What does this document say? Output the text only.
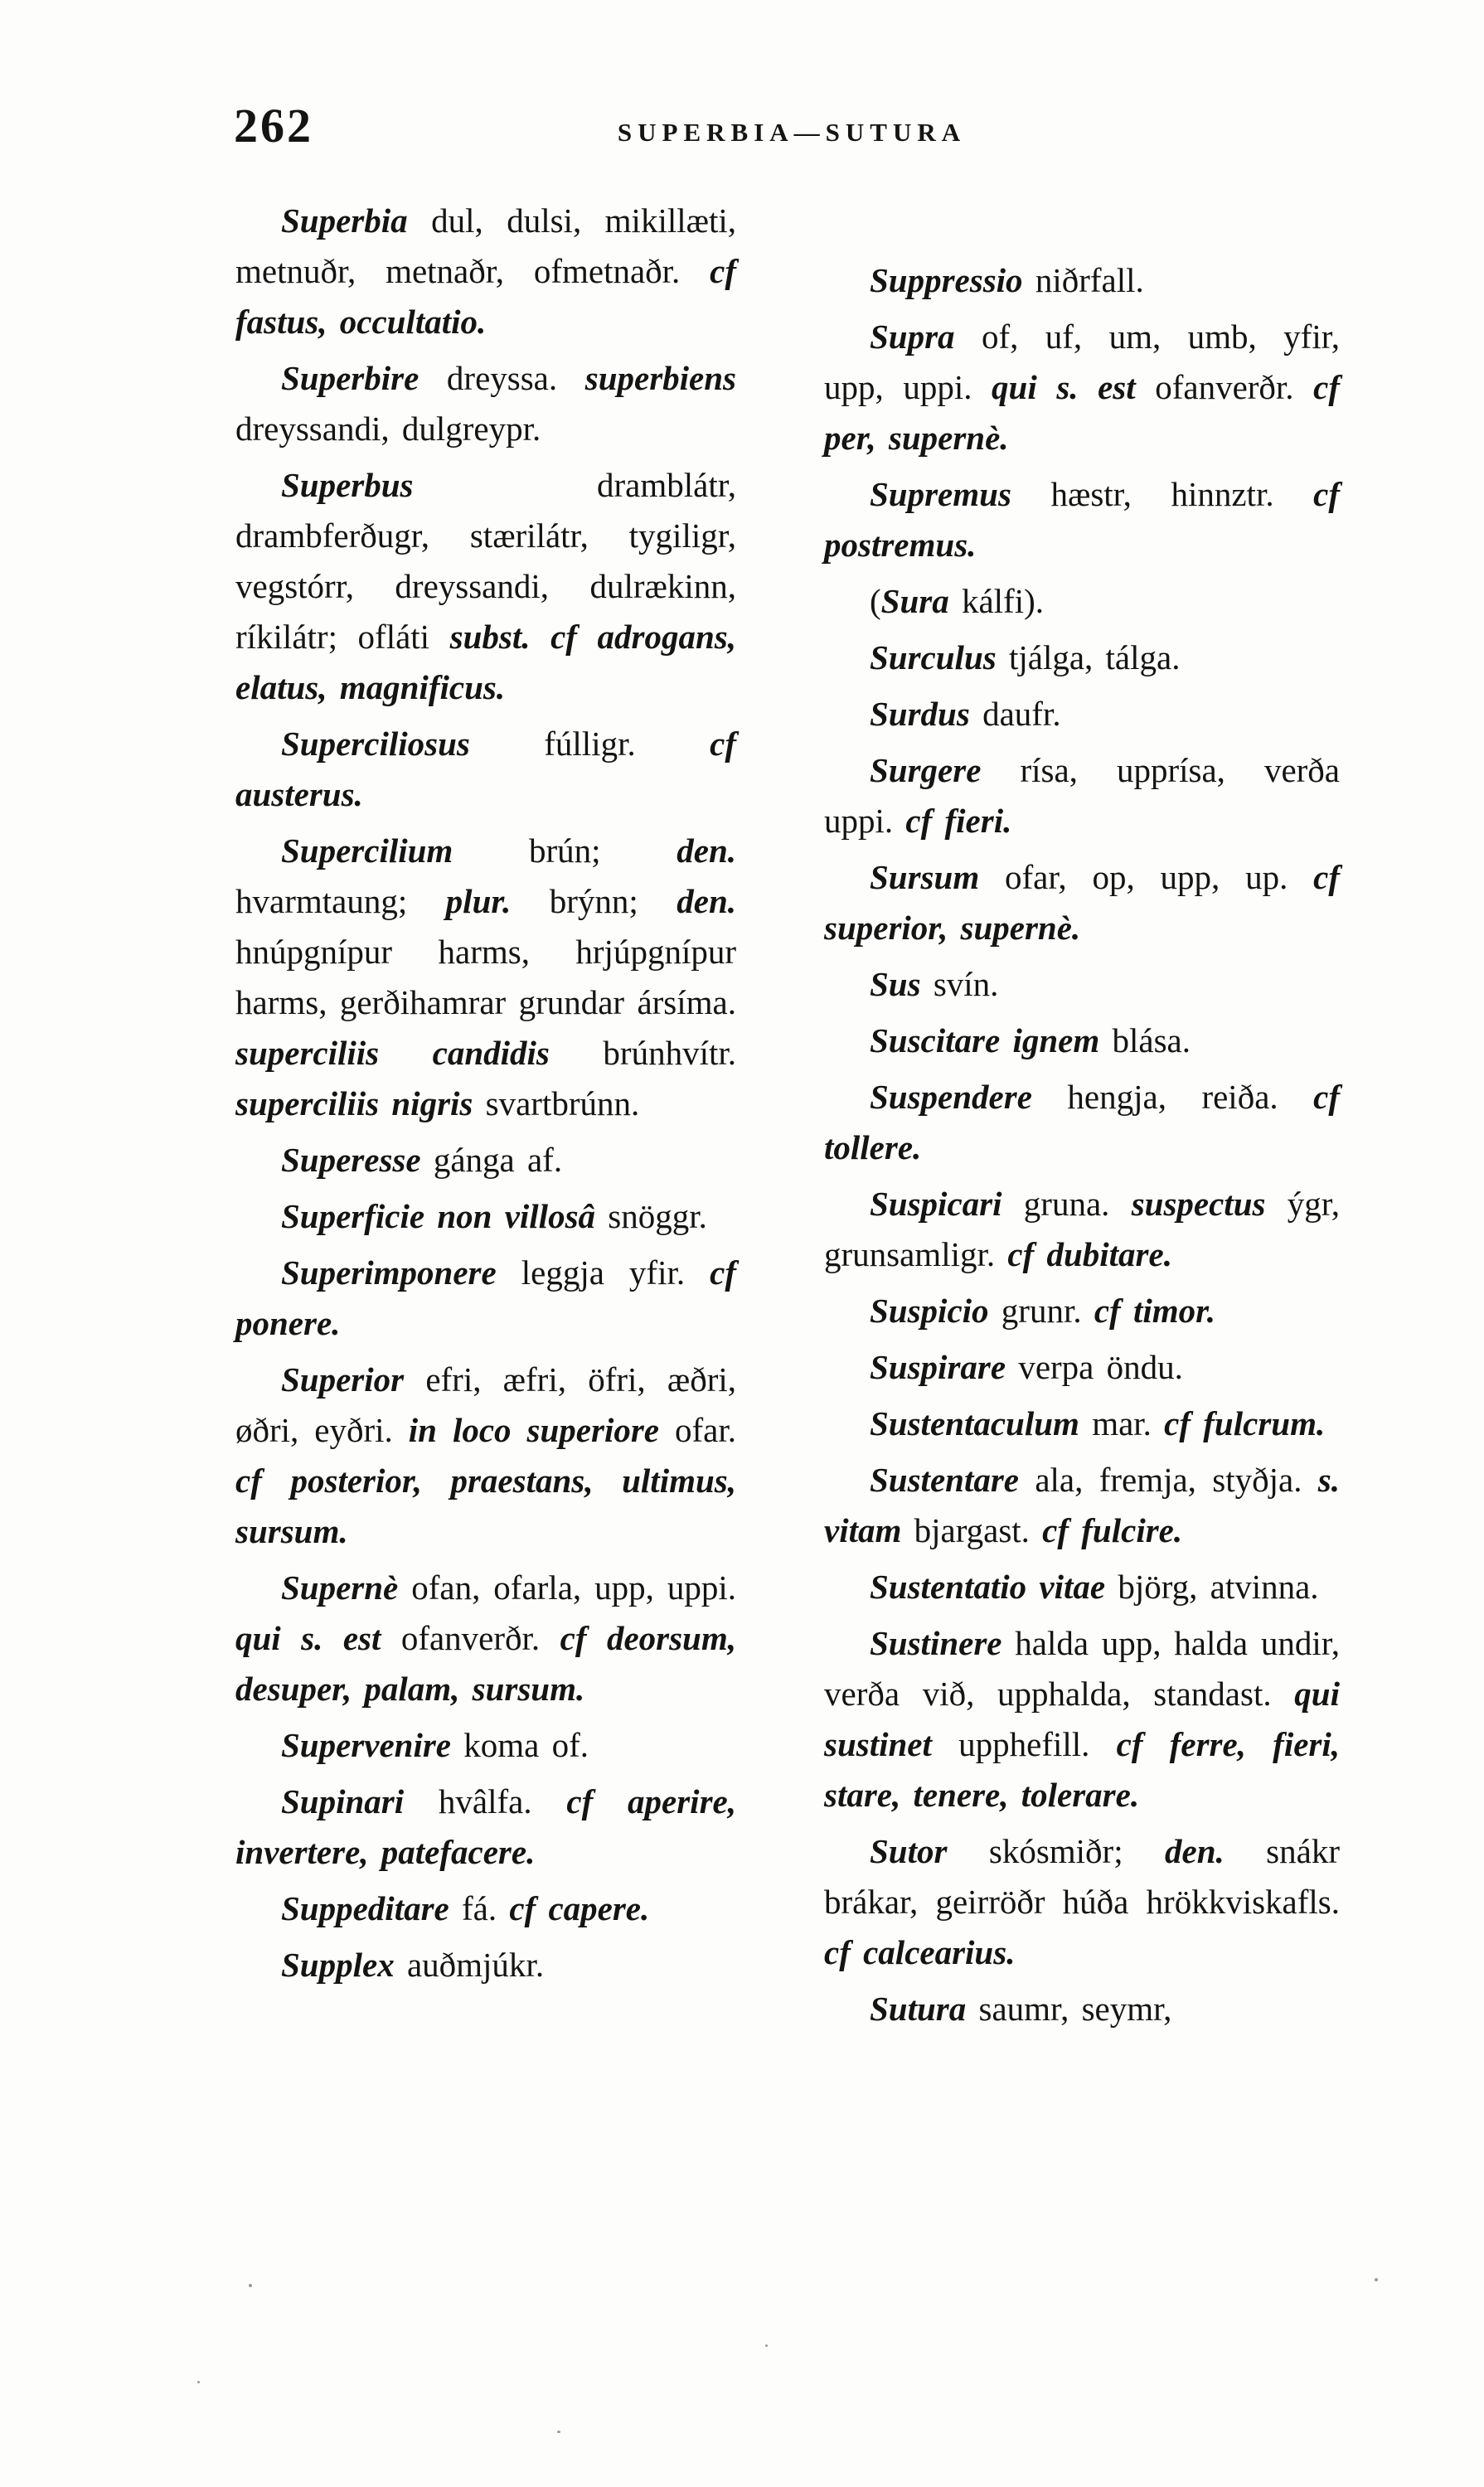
262	SUPERBIA—SUTURA

Superbia dul, dulsi, mikillæti, metnuðr, metnaðr, ofmetnaðr. cf fastus, occultatio.

Superbire dreyssa. superbiens dreyssandi, dulgreypr.

Superbus dramblátr, drambferðugr, stærilátr, tygiligr, vegstórr, dreyssandi, dulrækinn, ríkilátr; ofláti subst. cf adrogans, elatus, magnificus.

Superciliosus fúlligr. cf austerus.

Supercilium brún; den. hvarmtaung; plur. brýnn; den. hnúpgnípur harms, hrjúpgnípur harms, gerðihamrar grundar ársíma. superciliis candidis brúnhvítr. superciliis nigris svartbrúnn.

Superesse gánga af.

Superficie non villosâ snöggr.

Superimponere leggja yfir. cf ponere.

Superior efri, æfri, öfri, æðri, øðri, eyðri. in loco superiore ofar. cf posterior, praestans, ultimus, sursum.

Supernè ofan, ofarla, upp, uppi. qui s. est ofanverðr. cf deorsum, desuper, palam, sursum.

Supervenire koma of.

Supinari hvâlfa. cf aperire, invertere, patefacere.

Suppeditare fá. cf capere.

Supplex auðmjúkr.

Suppressio niðrfall.

Supra of, uf, um, umb, yfir, upp, uppi. qui s. est ofanverðr. cf per, supernè.

Supremus hæstr, hinnztr. cf postremus.

(Sura kálfi).

Surculus tjálga, tálga.

Surdus daufr.

Surgere rísa, upprísa, verða uppi. cf fieri.

Sursum ofar, op, upp, up. cf superior, supernè.

Sus svín.

Suscitare ignem blása.

Suspendere hengja, reiða. cf tollere.

Suspicari gruna. suspectus ýgr, grunsamligr. cf dubitare.

Suspicio grunr. cf timor.

Suspirare verpa öndu.

Sustentaculum mar. cf fulcrum.

Sustentare ala, fremja, styðja. s. vitam bjargast. cf fulcire.

Sustentatio vitae björg, atvinna.

Sustinere halda upp, halda undir, verða við, upphalda, standast. qui sustinet upphefill. cf ferre, fieri, stare, tenere, tolerare.

Sutor skósmiðr; den. snákr brákar, geirröðr húða hrökkviskafls. cf calcearius.

Sutura saumr, seymr,
